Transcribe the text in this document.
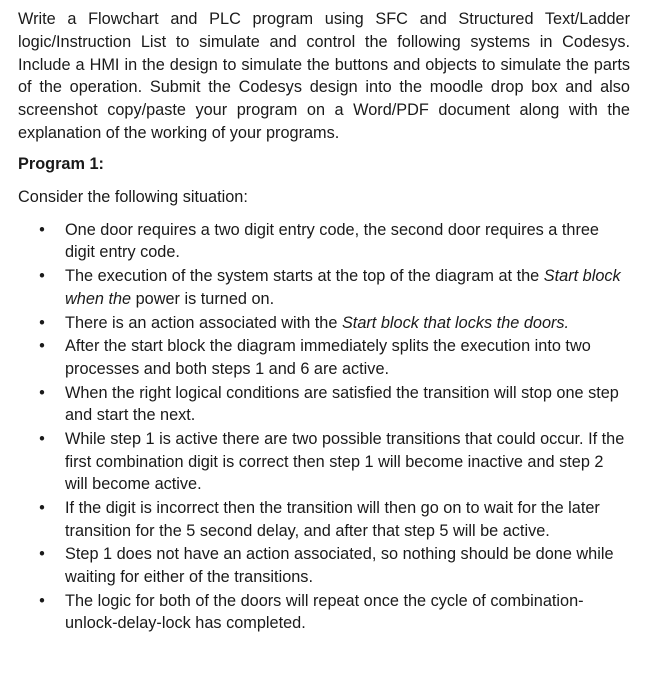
Write a Flowchart and PLC program using SFC and Structured Text/Ladder logic/Instruction List to simulate and control the following systems in Codesys. Include a HMI in the design to simulate the buttons and objects to simulate the parts of the operation. Submit the Codesys design into the moodle drop box and also screenshot copy/paste your program on a Word/PDF document along with the explanation of the working of your programs.

Program 1:

Consider the following situation:

• One door requires a two digit entry code, the second door requires a three digit entry code.
• The execution of the system starts at the top of the diagram at the Start block when the power is turned on.
• There is an action associated with the Start block that locks the doors.
• After the start block the diagram immediately splits the execution into two processes and both steps 1 and 6 are active.
• When the right logical conditions are satisfied the transition will stop one step and start the next.
• While step 1 is active there are two possible transitions that could occur. If the first combination digit is correct then step 1 will become inactive and step 2 will become active.
• If the digit is incorrect then the transition will then go on to wait for the later transition for the 5 second delay, and after that step 5 will be active.
• Step 1 does not have an action associated, so nothing should be done while waiting for either of the transitions.
• The logic for both of the doors will repeat once the cycle of combination-unlock-delay-lock has completed.
